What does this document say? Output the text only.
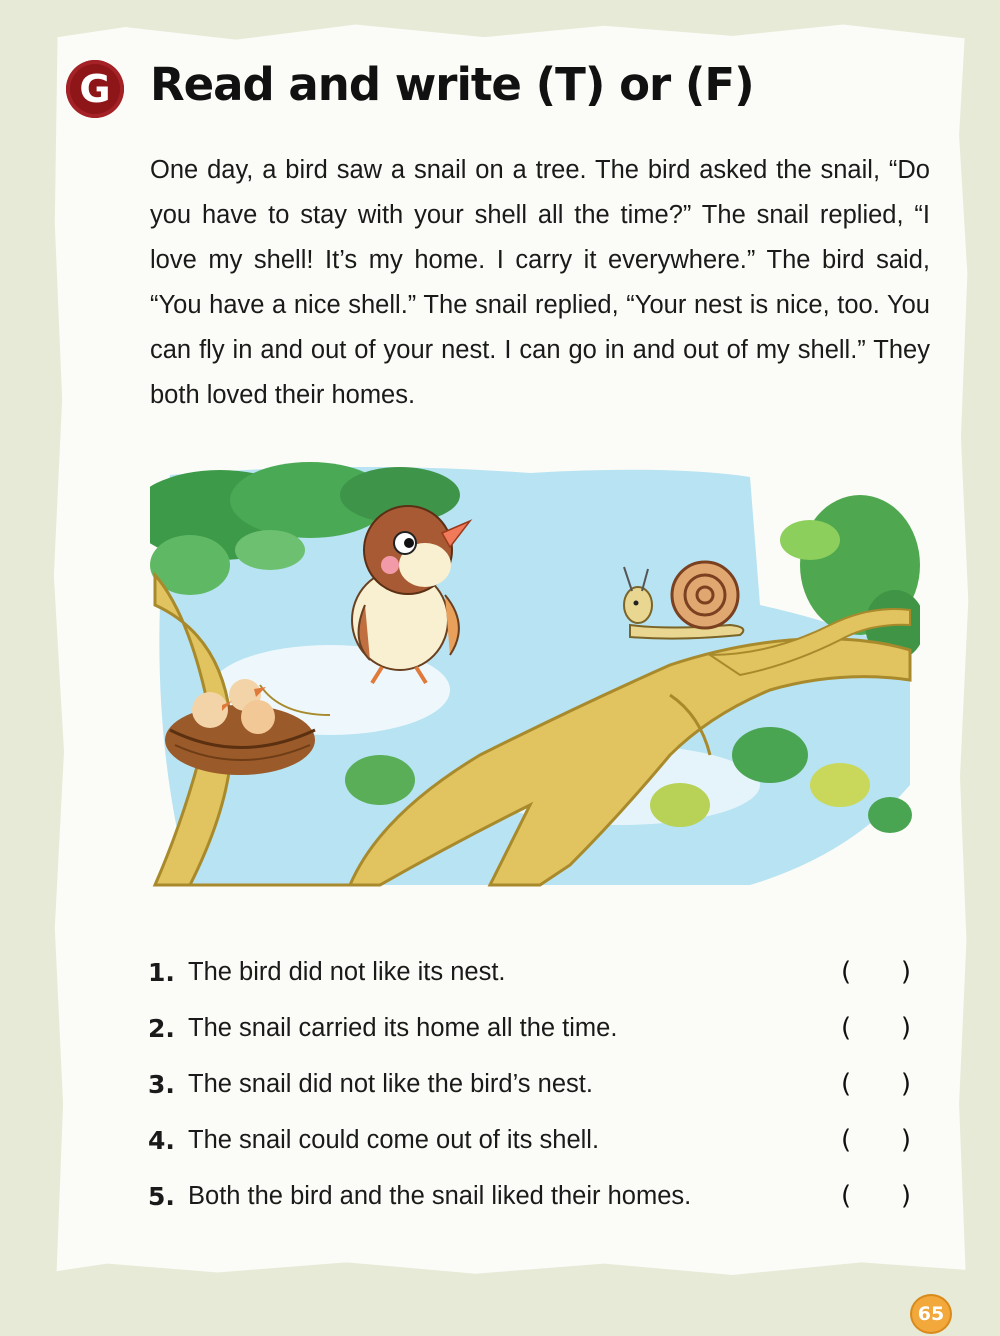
G Read and write (T) or (F)

One day, a bird saw a snail on a tree. The bird asked the snail, “Do you have to stay with your shell all the time?” The snail replied, “I love my shell! It’s my home. I carry it everywhere.” The bird said, “You have a nice shell.” The snail replied, “Your nest is nice, too. You can fly in and out of your nest. I can go in and out of my shell.” They both loved their homes.

1. The bird did not like its nest.	( )
2. The snail carried its home all the time.	( )
3. The snail did not like the bird’s nest.	( )
4. The snail could come out of its shell.	( )
5. Both the bird and the snail liked their homes.	( )
65
